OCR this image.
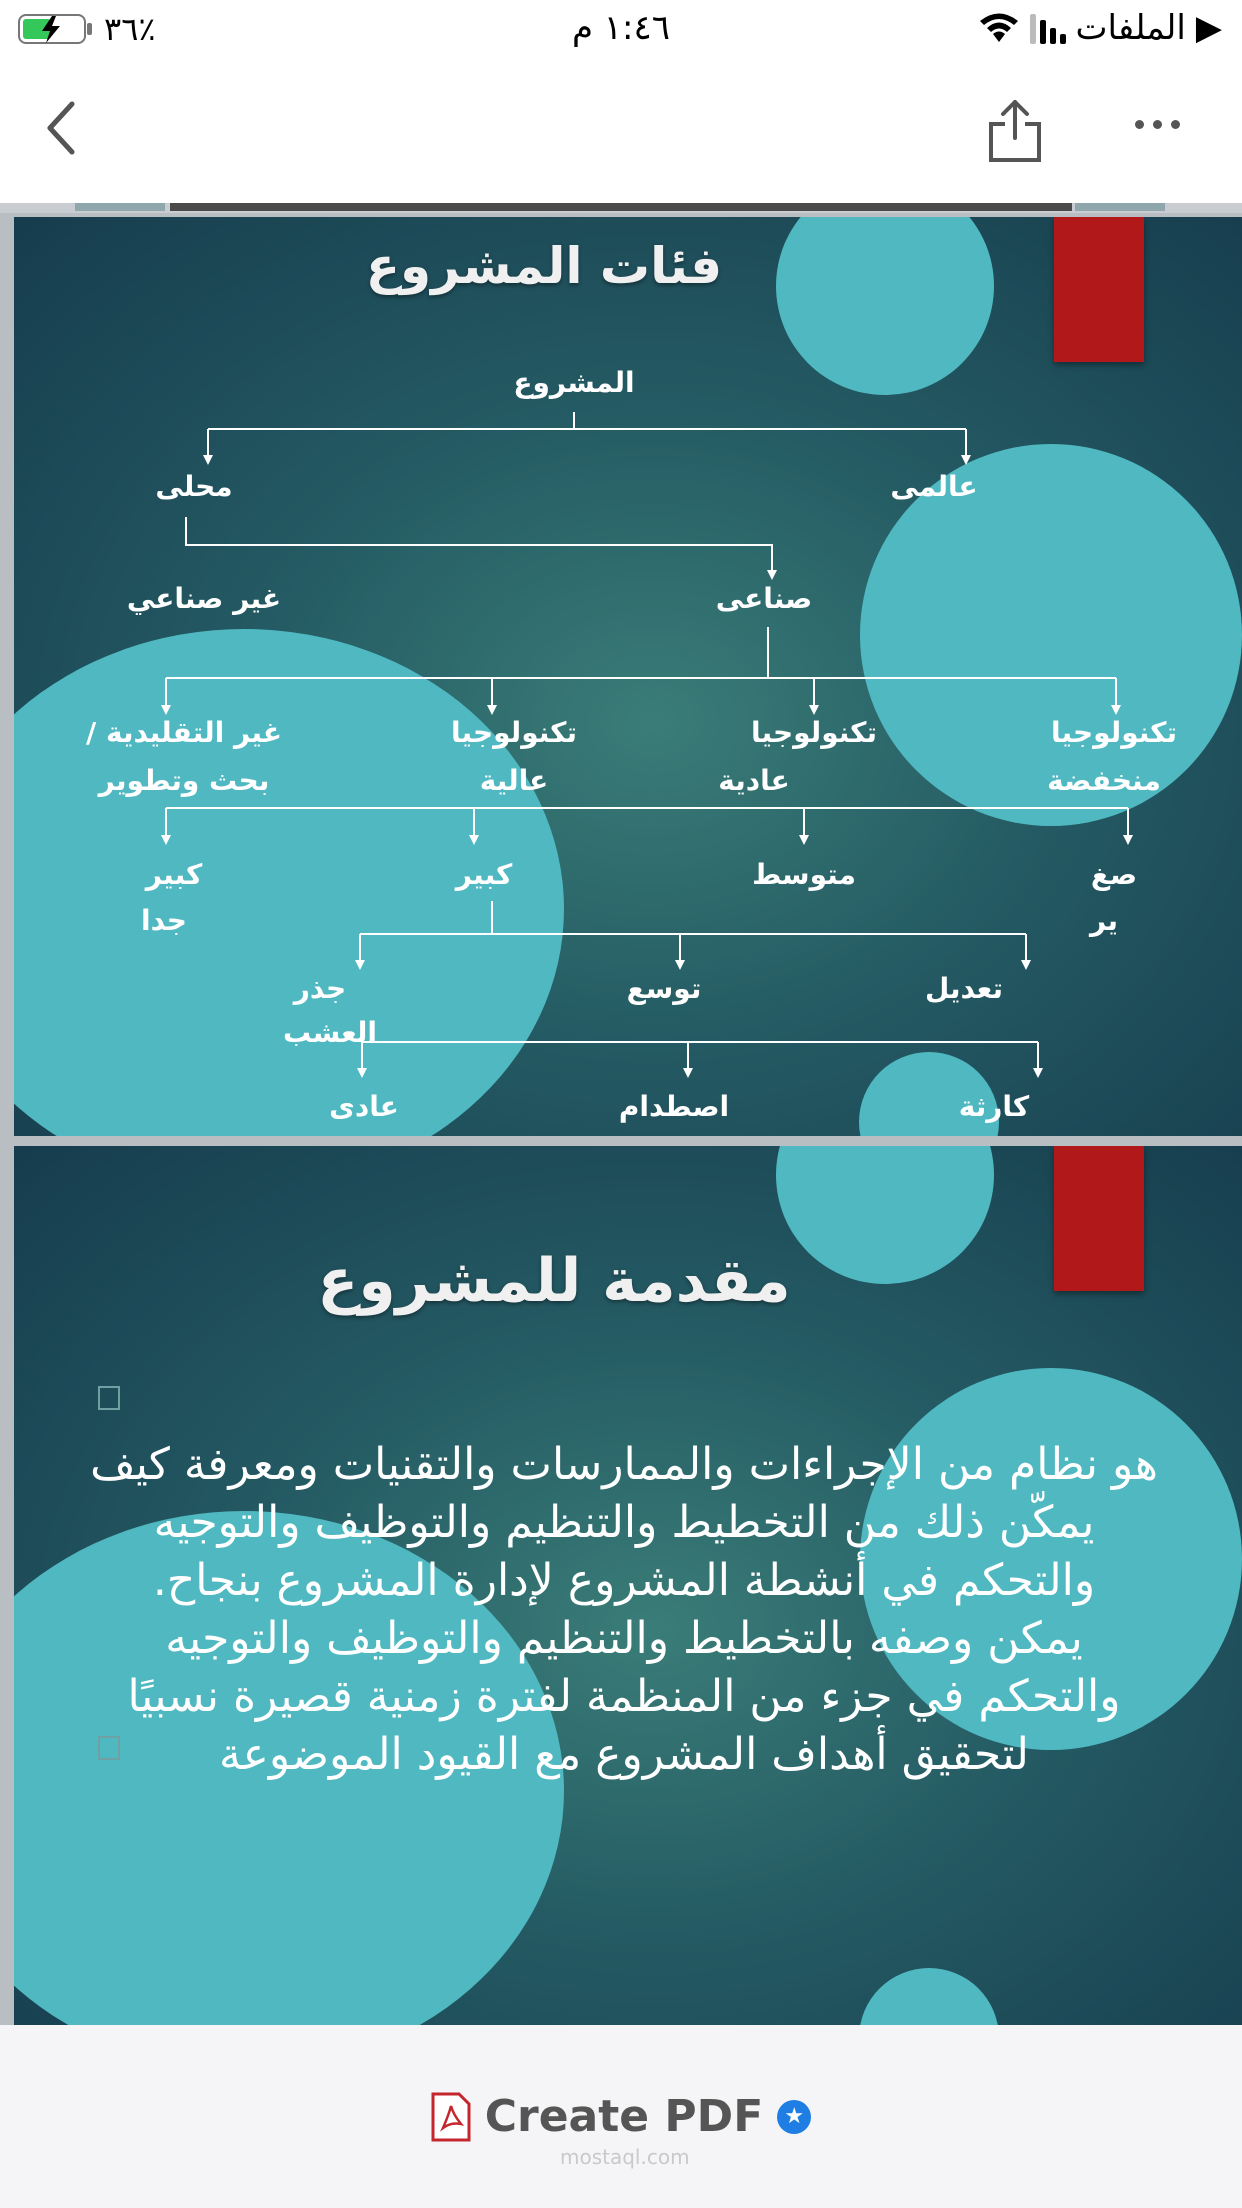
▶
الملفات
١:٤٦ م
٣٦٪
فئات المشروع
المشروع
محلى	عالمى
غير صناعي	صناعى
غير التقليدية /
بحث وتطوير
تكنولوجيا
عالية
تكنولوجيا
عادية
تكنولوجيا
منخفضة
كبير
جدا
كبير	متوسط	صغ
ير
جذر
العشب
توسع	تعديل
عادى	اصطدام	كارثة
مقدمة للمشروع
هو نظام من الإجراءات والممارسات والتقنيات ومعرفة كيف
يمكّن ذلك من التخطيط والتنظيم والتوظيف والتوجيه
والتحكم في أنشطة المشروع لإدارة المشروع بنجاح.
يمكن وصفه بالتخطيط والتنظيم والتوظيف والتوجيه
والتحكم في جزء من المنظمة لفترة زمنية قصيرة نسبيًا
لتحقيق أهداف المشروع مع القيود الموضوعة
Create PDF ★
mostaql.com
